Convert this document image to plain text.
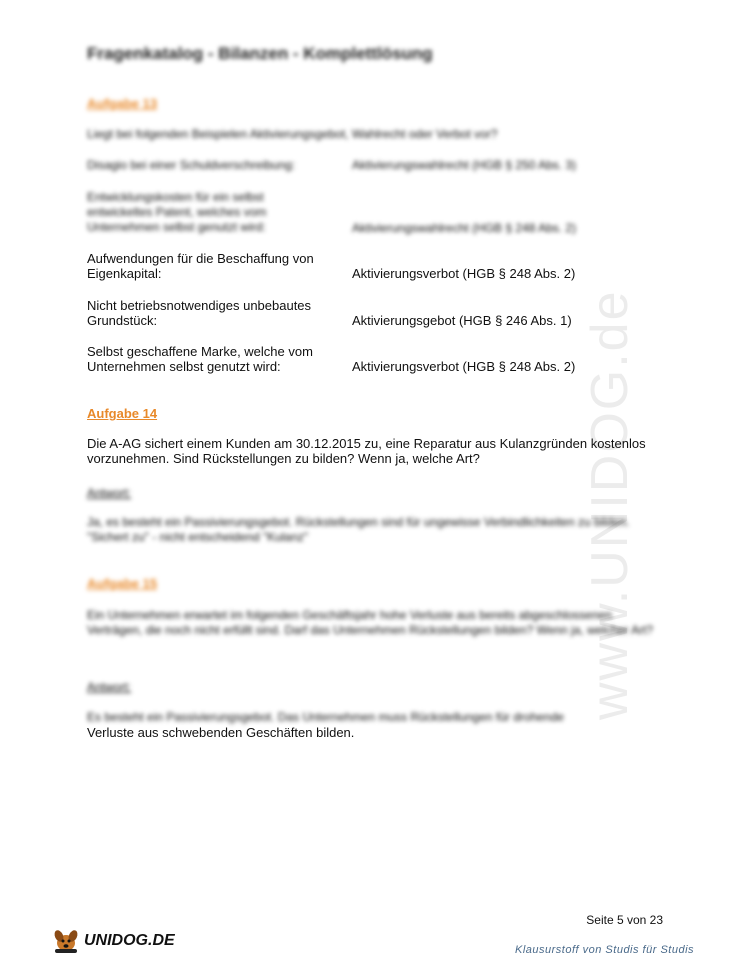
www.UNIDOG.de
Fragenkatalog - Bilanzen - Komplettlösung
Aufgabe 13
Liegt bei folgenden Beispielen Aktivierungsgebot, Wahlrecht oder Verbot vor?
Disagio bei einer Schuldverschreibung:	Aktivierungswahlrecht (HGB § 250 Abs. 3)
Entwicklungskosten für ein selbst entwickeltes Patent, welches vom Unternehmen selbst genutzt wird:	Aktivierungswahlrecht (HGB § 248 Abs. 2)
Aufwendungen für die Beschaffung von Eigenkapital:	Aktivierungsverbot (HGB § 248 Abs. 2)
Nicht betriebsnotwendiges unbebautes Grundstück:	Aktivierungsgebot (HGB § 246 Abs. 1)
Selbst geschaffene Marke, welche vom Unternehmen selbst genutzt wird:	Aktivierungsverbot (HGB § 248 Abs. 2)
Aufgabe 14
Die A-AG sichert einem Kunden am 30.12.2015 zu, eine Reparatur aus Kulanzgründen kostenlos vorzunehmen. Sind Rückstellungen zu bilden? Wenn ja, welche Art?
Antwort:
Ja, es besteht ein Passivierungsgebot. Rückstellungen sind für ungewisse Verbindlichkeiten zu bilden. "Sichert zu" - nicht entscheidend "Kulanz"
Aufgabe 15
Ein Unternehmen erwartet im folgenden Geschäftsjahr hohe Verluste aus bereits abgeschlossenen Verträgen, die noch nicht erfüllt sind. Darf das Unternehmen Rückstellungen bilden? Wenn ja, welcher Art?
Antwort:
Es besteht ein Passivierungsgebot. Das Unternehmen muss Rückstellungen für drohende
Verluste aus schwebenden Geschäften bilden.
Seite 5 von 23
UNIDOG.DE
Klausurstoff von Studis für Studis
